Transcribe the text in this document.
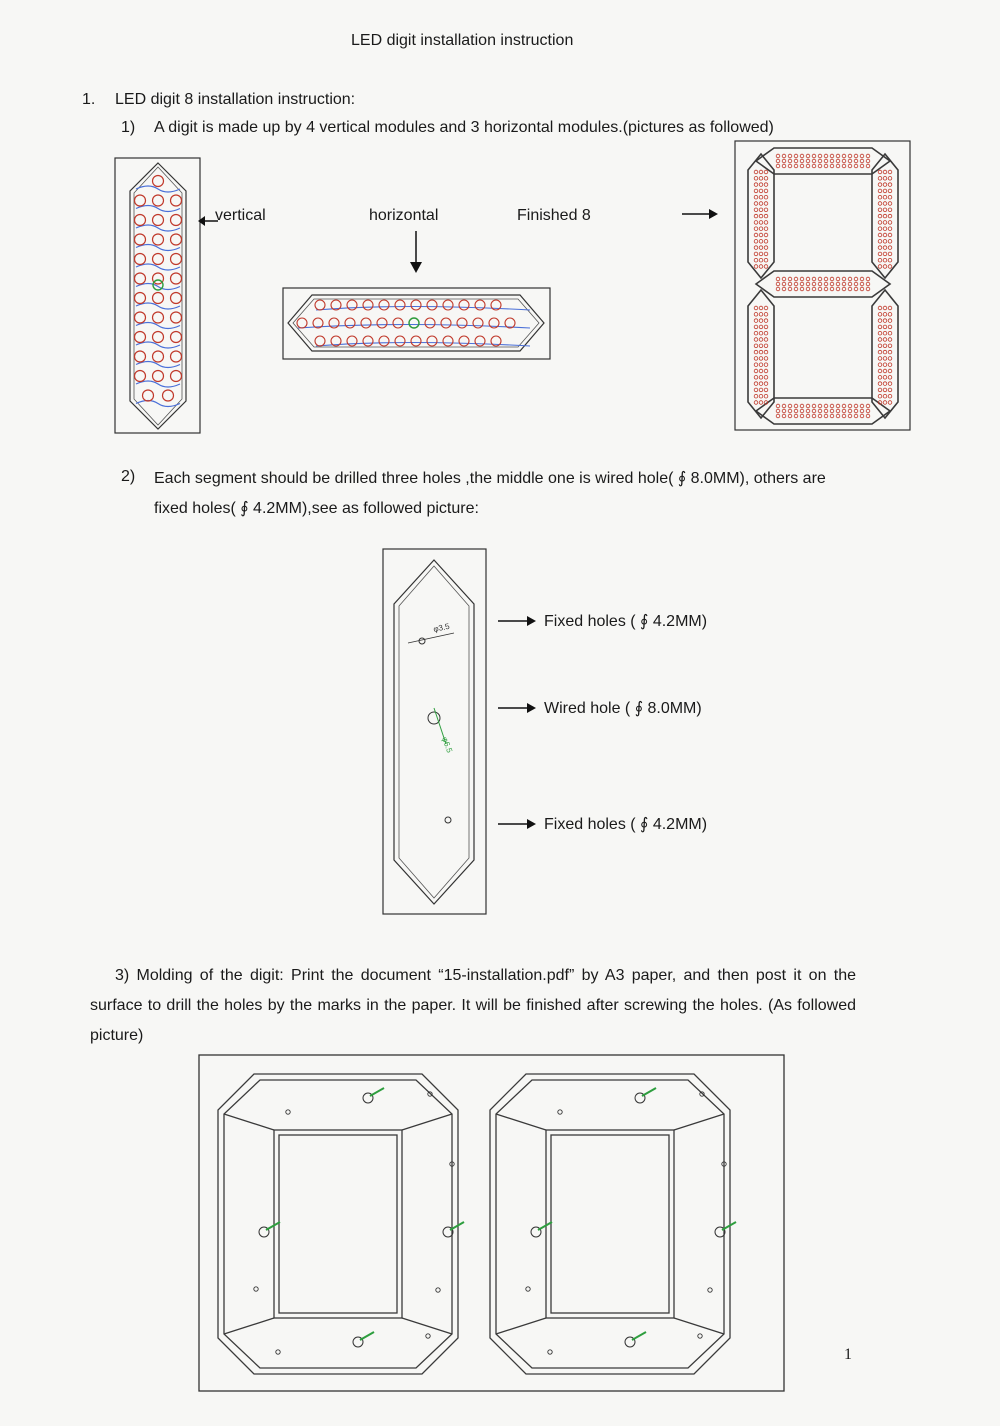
LED digit installation instruction
1. LED digit 8 installation instruction:
1) A digit is made up by 4 vertical modules and 3 horizontal modules.(pictures as followed)
vertical	horizontal	Finished 8
2) Each segment should be drilled three holes ,the middle one is wired hole( ∮ 8.0MM), others are
fixed holes( ∮ 4.2MM),see as followed picture:
φ3.5
φ6.5
Fixed holes ( ∮ 4.2MM)
Wired hole ( ∮ 8.0MM)
Fixed holes ( ∮ 4.2MM)
3) Molding of the digit: Print the document “15-installation.pdf” by A3 paper, and then post it on the surface to drill the holes by the marks in the paper. It will be finished after screwing the holes. (As followed picture)
1
